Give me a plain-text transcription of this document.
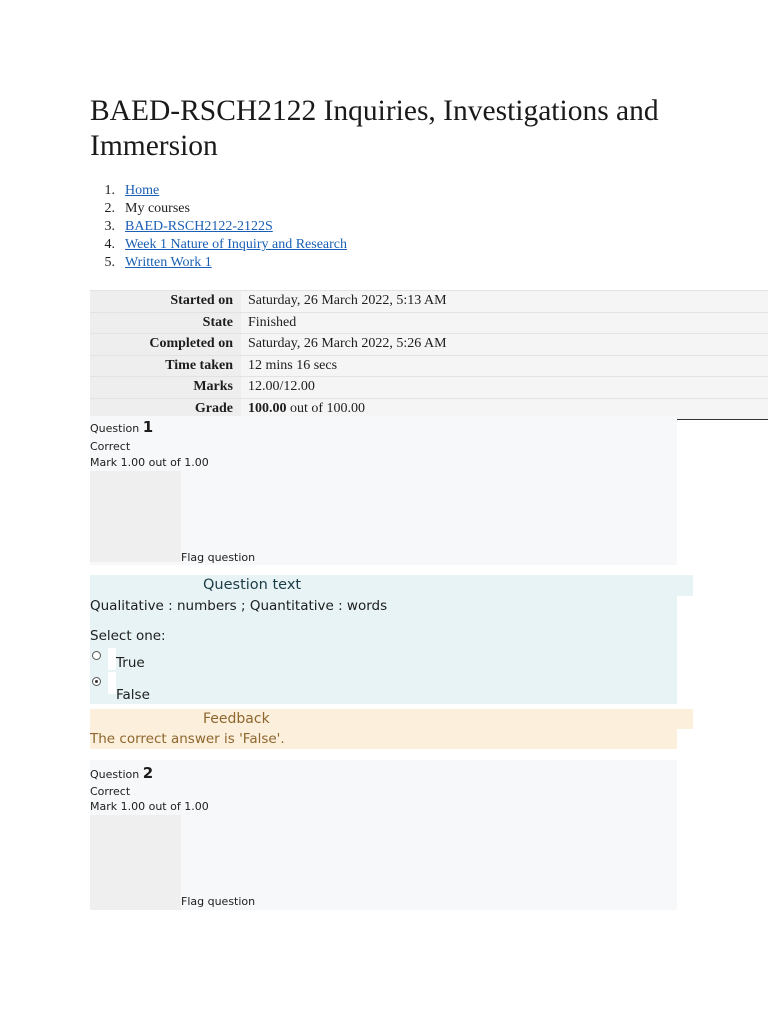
BAED-RSCH2122 Inquiries, Investigations and Immersion
1. Home
2. My courses
3. BAED-RSCH2122-2122S
4. Week 1 Nature of Inquiry and Research
5. Written Work 1
Started on	Saturday, 26 March 2022, 5:13 AM
State	Finished
Completed on	Saturday, 26 March 2022, 5:26 AM
Time taken	12 mins 16 secs
Marks	12.00/12.00
Grade	100.00 out of 100.00
Question 1
Correct
Mark 1.00 out of 1.00
Flag question
Question text
Qualitative : numbers ; Quantitative : words
Select one:
True
False
Feedback
The correct answer is 'False'.
Question 2
Correct
Mark 1.00 out of 1.00
Flag question
